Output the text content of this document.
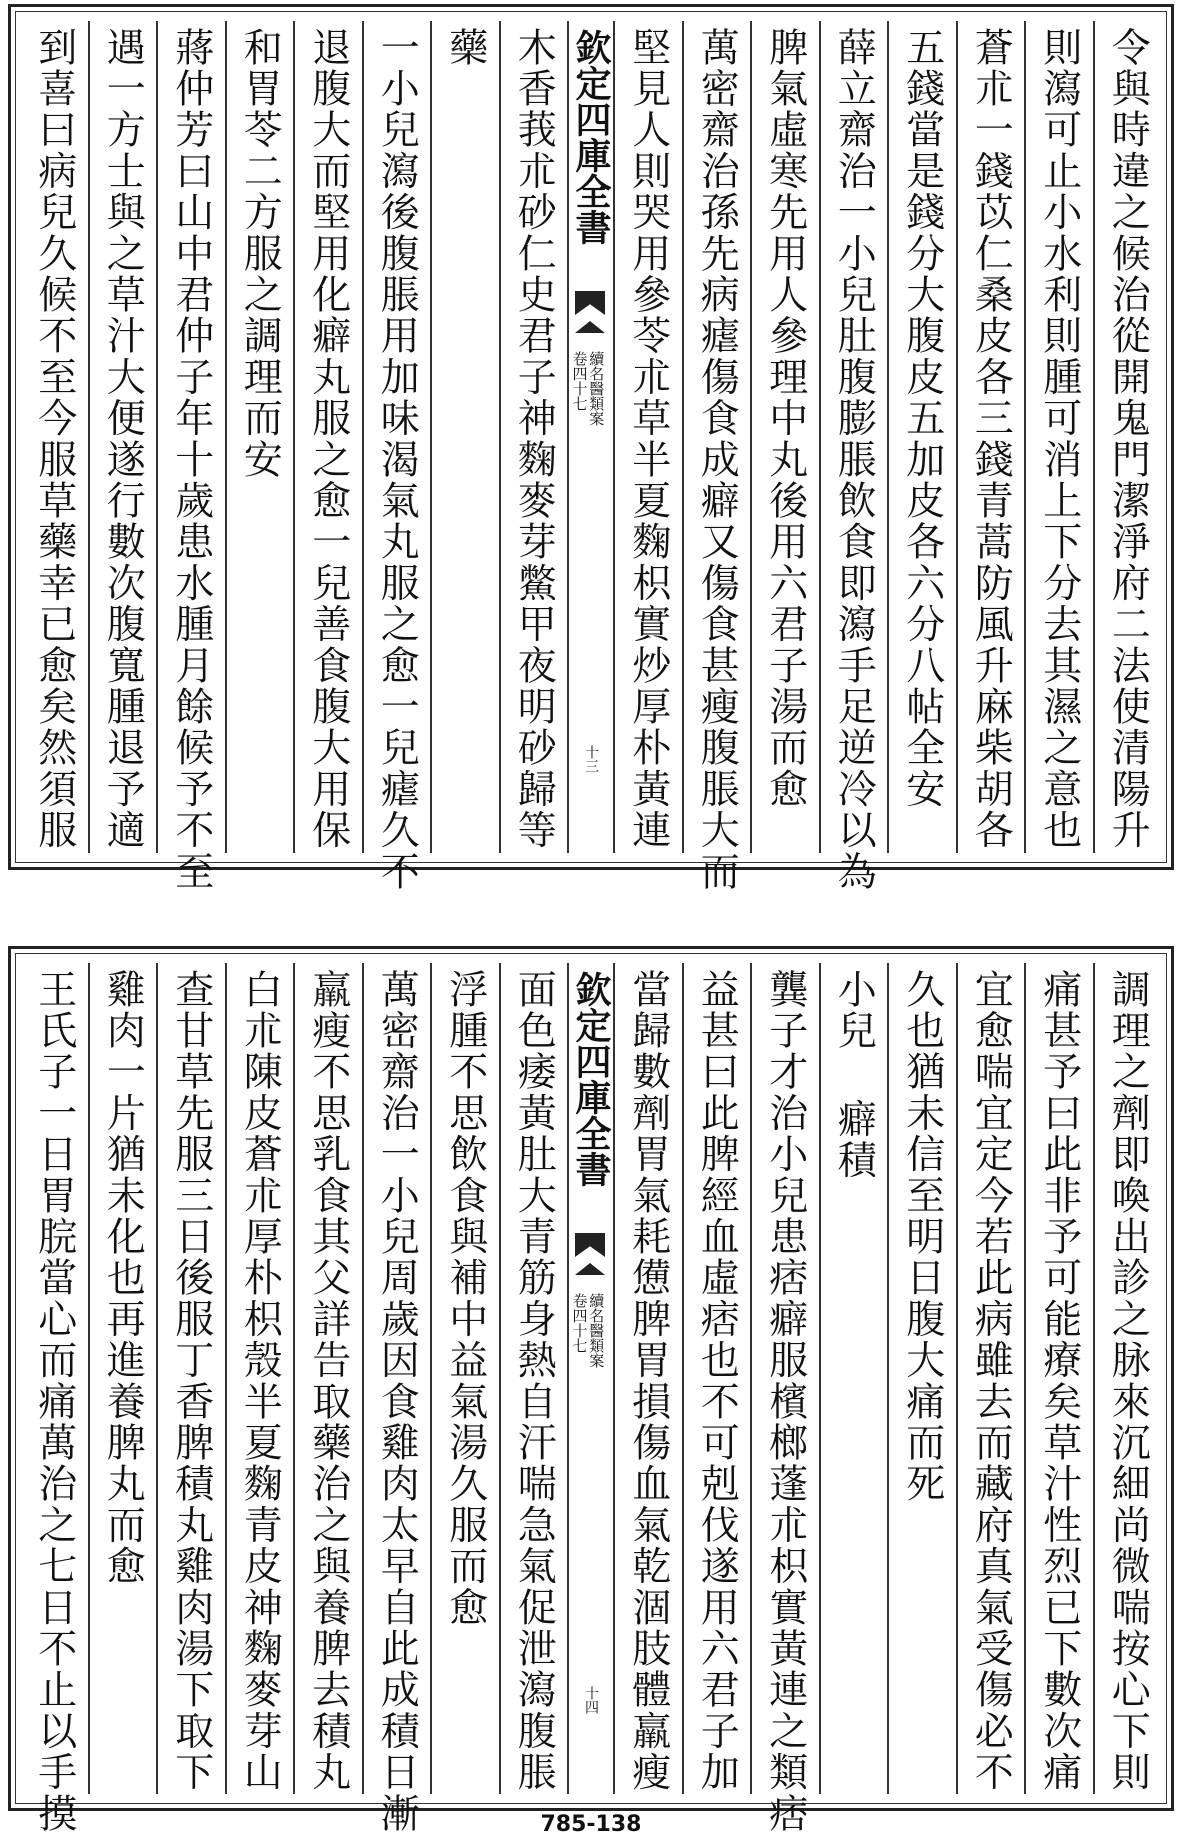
令與時違之候治從開鬼門潔淨府二法使清陽升
則瀉可止小水利則腫可消上下分去其濕之意也
蒼朮一錢苡仁桑皮各三錢青蒿防風升麻柴胡各
五錢當是錢分大腹皮五加皮各六分八帖全安
薛立齋治一小兒肚腹膨脹飲食即瀉手足逆冷以為
脾氣虛寒先用人參理中丸後用六君子湯而愈
萬密齋治孫先病瘧傷食成癖又傷食甚瘦腹脹大而
堅見人則哭用參苓朮草半夏麴枳實炒厚朴黃連
欽定四庫全書
續名醫類案
卷四十七
十三
木香莪朮砂仁史君子神麴麥芽鱉甲夜明砂歸等
藥
一小兒瀉後腹脹用加味渴氣丸服之愈一兒瘧久不
退腹大而堅用化癖丸服之愈一兒善食腹大用保
和胃苓二方服之調理而安
蔣仲芳曰山中君仲子年十歲患水腫月餘候予不至
遇一方士與之草汁大便遂行數次腹寬腫退予適
到喜曰病兒久候不至今服草藥幸已愈矣然須服
調理之劑即喚出診之脉來沉細尚微喘按心下則
痛甚予曰此非予可能療矣草汁性烈已下數次痛
宜愈喘宜定今若此病雖去而藏府真氣受傷必不
久也猶未信至明日腹大痛而死
小兒 癖積
龔子才治小兒患痞癖服檳榔蓬朮枳實黃連之類痞
益甚曰此脾經血虛痞也不可剋伐遂用六君子加
當歸數劑胃氣耗憊脾胃損傷血氣乾涸肢體羸瘦
欽定四庫全書
續名醫類案
卷四十七
十四
面色痿黃肚大青筋身熱自汗喘急氣促泄瀉腹脹
浮腫不思飲食與補中益氣湯久服而愈
萬密齋治一小兒周歲因食雞肉太早自此成積日漸
羸瘦不思乳食其父詳告取藥治之與養脾去積丸
白朮陳皮蒼朮厚朴枳殼半夏麴青皮神麴麥芽山
查甘草先服三日後服丁香脾積丸雞肉湯下取下
雞肉一片猶未化也再進養脾丸而愈
王氏子一日胃脘當心而痛萬治之七日不止以手摸	785-138
